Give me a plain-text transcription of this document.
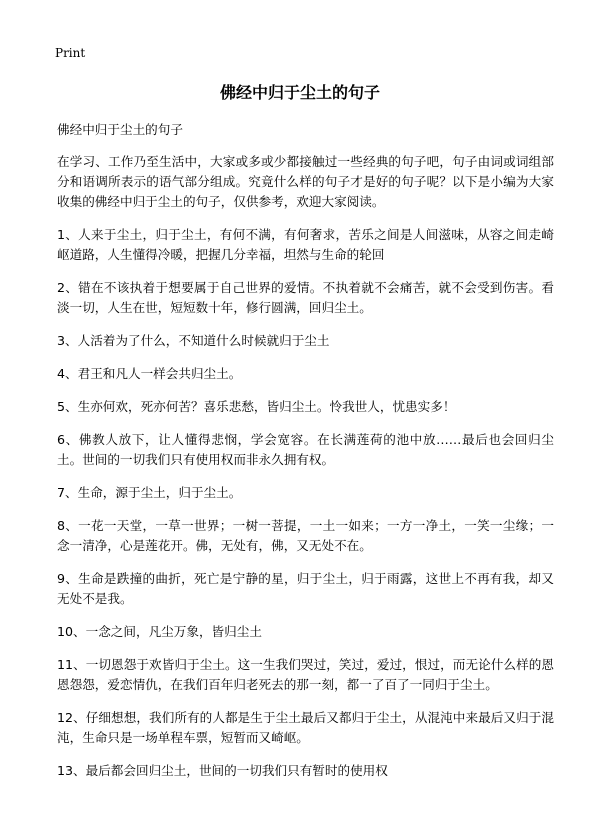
Print
佛经中归于尘土的句子

佛经中归于尘土的句子

在学习、工作乃至生活中，大家或多或少都接触过一些经典的句子吧，句子由词或词组部分和语调所表示的语气部分组成。究竟什么样的句子才是好的句子呢？以下是小编为大家收集的佛经中归于尘土的句子，仅供参考，欢迎大家阅读。

1、人来于尘土，归于尘土，有何不满，有何奢求，苦乐之间是人间滋味，从容之间走崎岖道路，人生懂得冷暖，把握几分幸福，坦然与生命的轮回

2、错在不该执着于想要属于自己世界的爱情。不执着就不会痛苦，就不会受到伤害。看淡一切，人生在世，短短数十年，修行圆满，回归尘土。

3、人活着为了什么，不知道什么时候就归于尘土

4、君王和凡人一样会共归尘土。

5、生亦何欢，死亦何苦？喜乐悲愁，皆归尘土。怜我世人，忧患实多！

6、佛教人放下，让人懂得悲悯，学会宽容。在长满莲荷的池中放……最后也会回归尘土。世间的一切我们只有使用权而非永久拥有权。

7、生命，源于尘土，归于尘土。

8、一花一天堂，一草一世界；一树一菩提，一土一如来；一方一净土，一笑一尘缘；一念一清净，心是莲花开。佛，无处有，佛，又无处不在。

9、生命是跌撞的曲折，死亡是宁静的星，归于尘土，归于雨露，这世上不再有我，却又无处不是我。

10、一念之间，凡尘万象，皆归尘土

11、一切恩怨于欢皆归于尘土。这一生我们哭过，笑过，爱过，恨过，而无论什么样的恩恩怨怨，爱恋情仇，在我们百年归老死去的那一刻，都一了百了一同归于尘土。

12、仔细想想，我们所有的人都是生于尘土最后又都归于尘土，从混沌中来最后又归于混沌，生命只是一场单程车票，短暂而又崎岖。

13、最后都会回归尘土，世间的一切我们只有暂时的使用权
